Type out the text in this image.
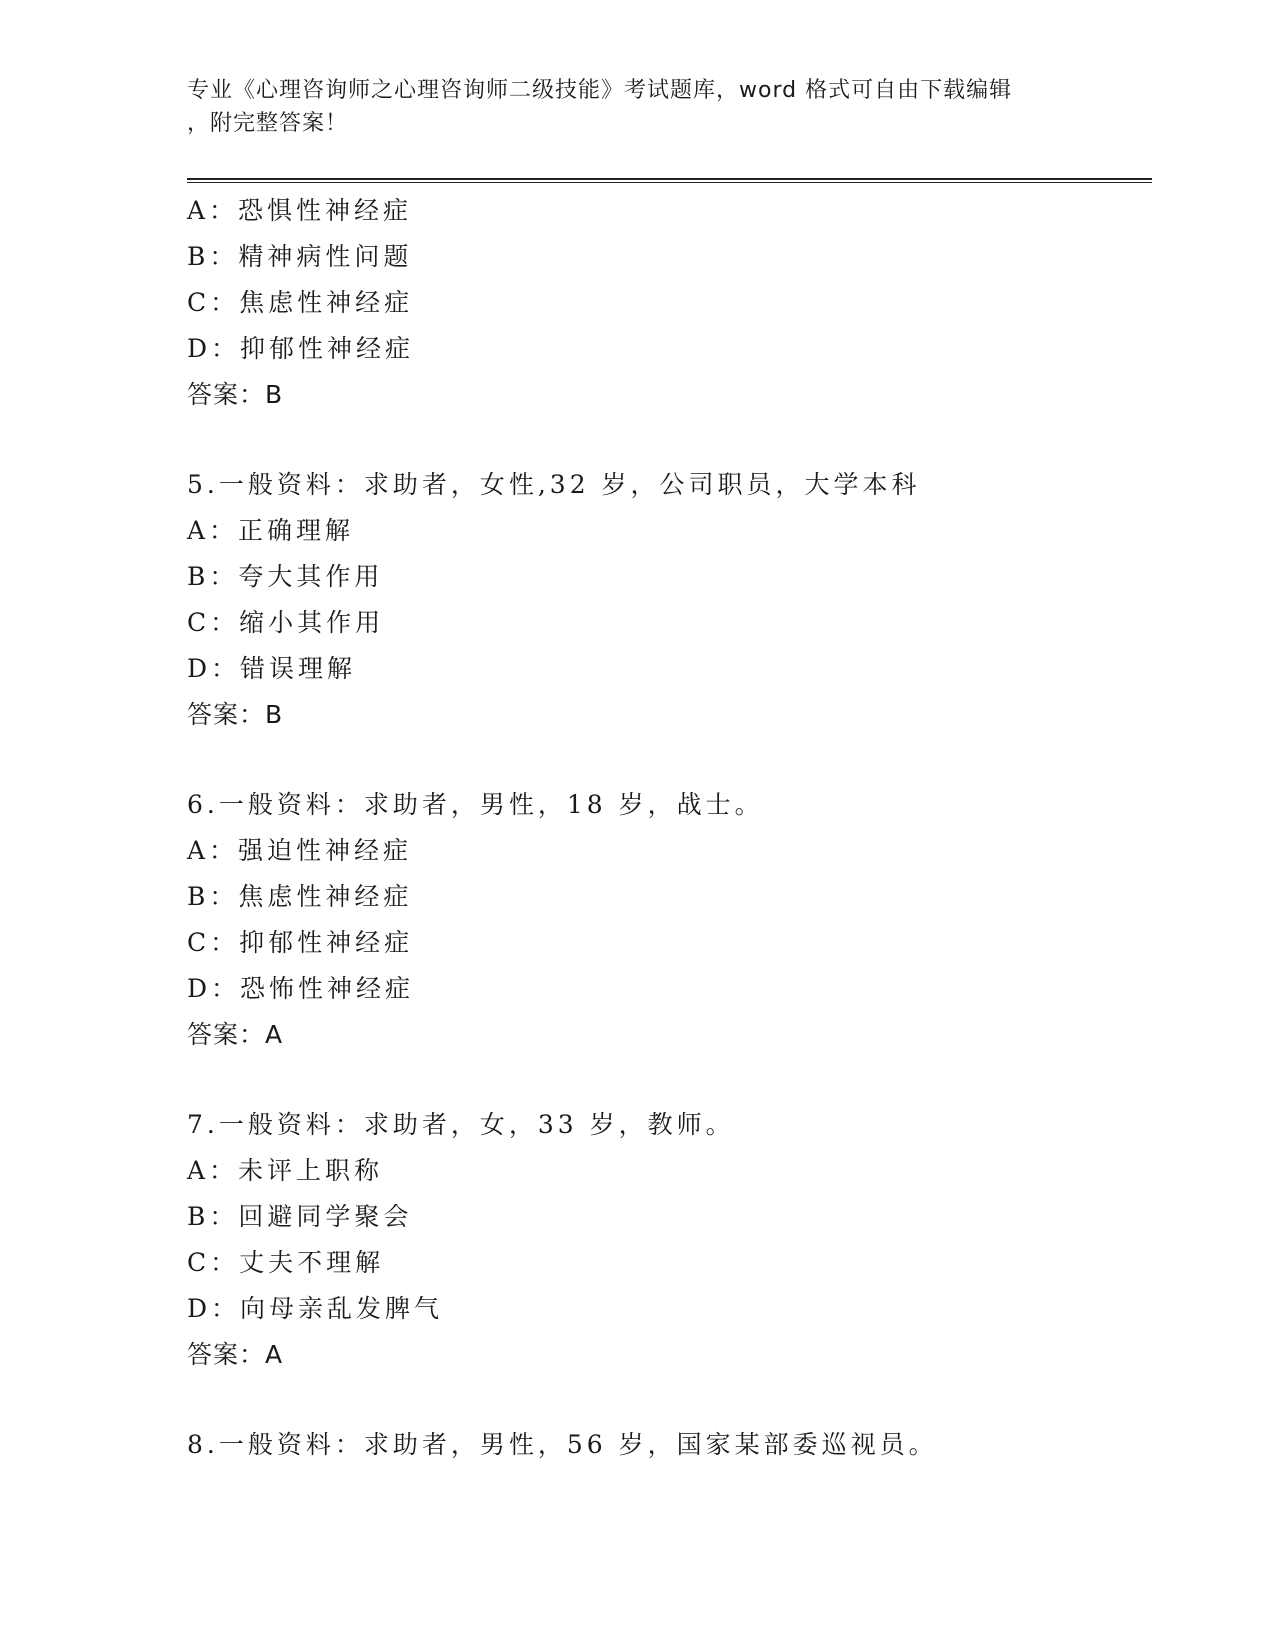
专业《心理咨询师之心理咨询师二级技能》考试题库，word 格式可自由下载编辑
，附完整答案！
A：恐惧性神经症
B：精神病性问题
C：焦虑性神经症
D：抑郁性神经症
答案：B
5.一般资料：求助者，女性,32 岁，公司职员，大学本科
A：正确理解
B：夸大其作用
C：缩小其作用
D：错误理解
答案：B
6.一般资料：求助者，男性，18 岁，战士。
A：强迫性神经症
B：焦虑性神经症
C：抑郁性神经症
D：恐怖性神经症
答案：A
7.一般资料：求助者，女，33 岁，教师。
A：未评上职称
B：回避同学聚会
C：丈夫不理解
D：向母亲乱发脾气
答案：A
8.一般资料：求助者，男性，56 岁，国家某部委巡视员。
